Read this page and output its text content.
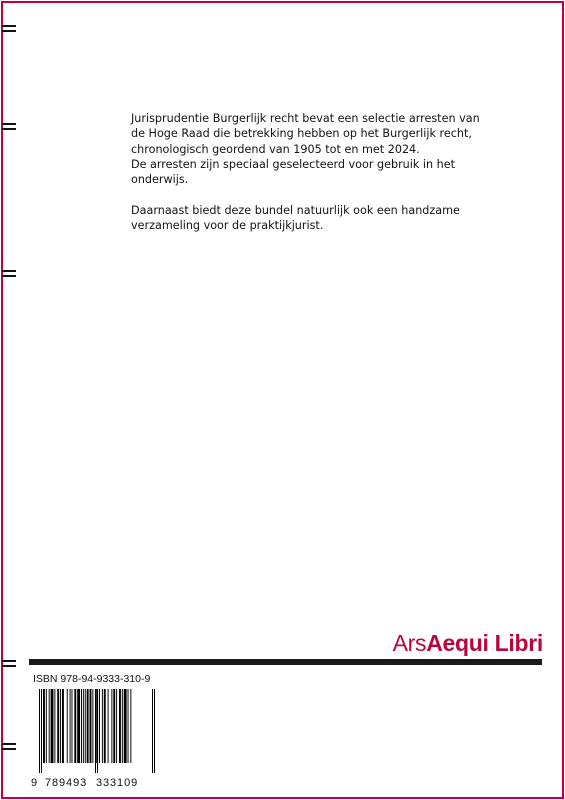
Jurisprudentie Burgerlijk recht bevat een selectie arresten van de Hoge Raad die betrekking hebben op het Burgerlijk recht, chronologisch geordend van 1905 tot en met 2024.
De arresten zijn speciaal geselecteerd voor gebruik in het onderwijs.

Daarnaast biedt deze bundel natuurlijk ook een handzame verzameling voor de praktijkjurist.

ArsAequi Libri
ISBN 978-94-9333-310-9
9 789493 333109
